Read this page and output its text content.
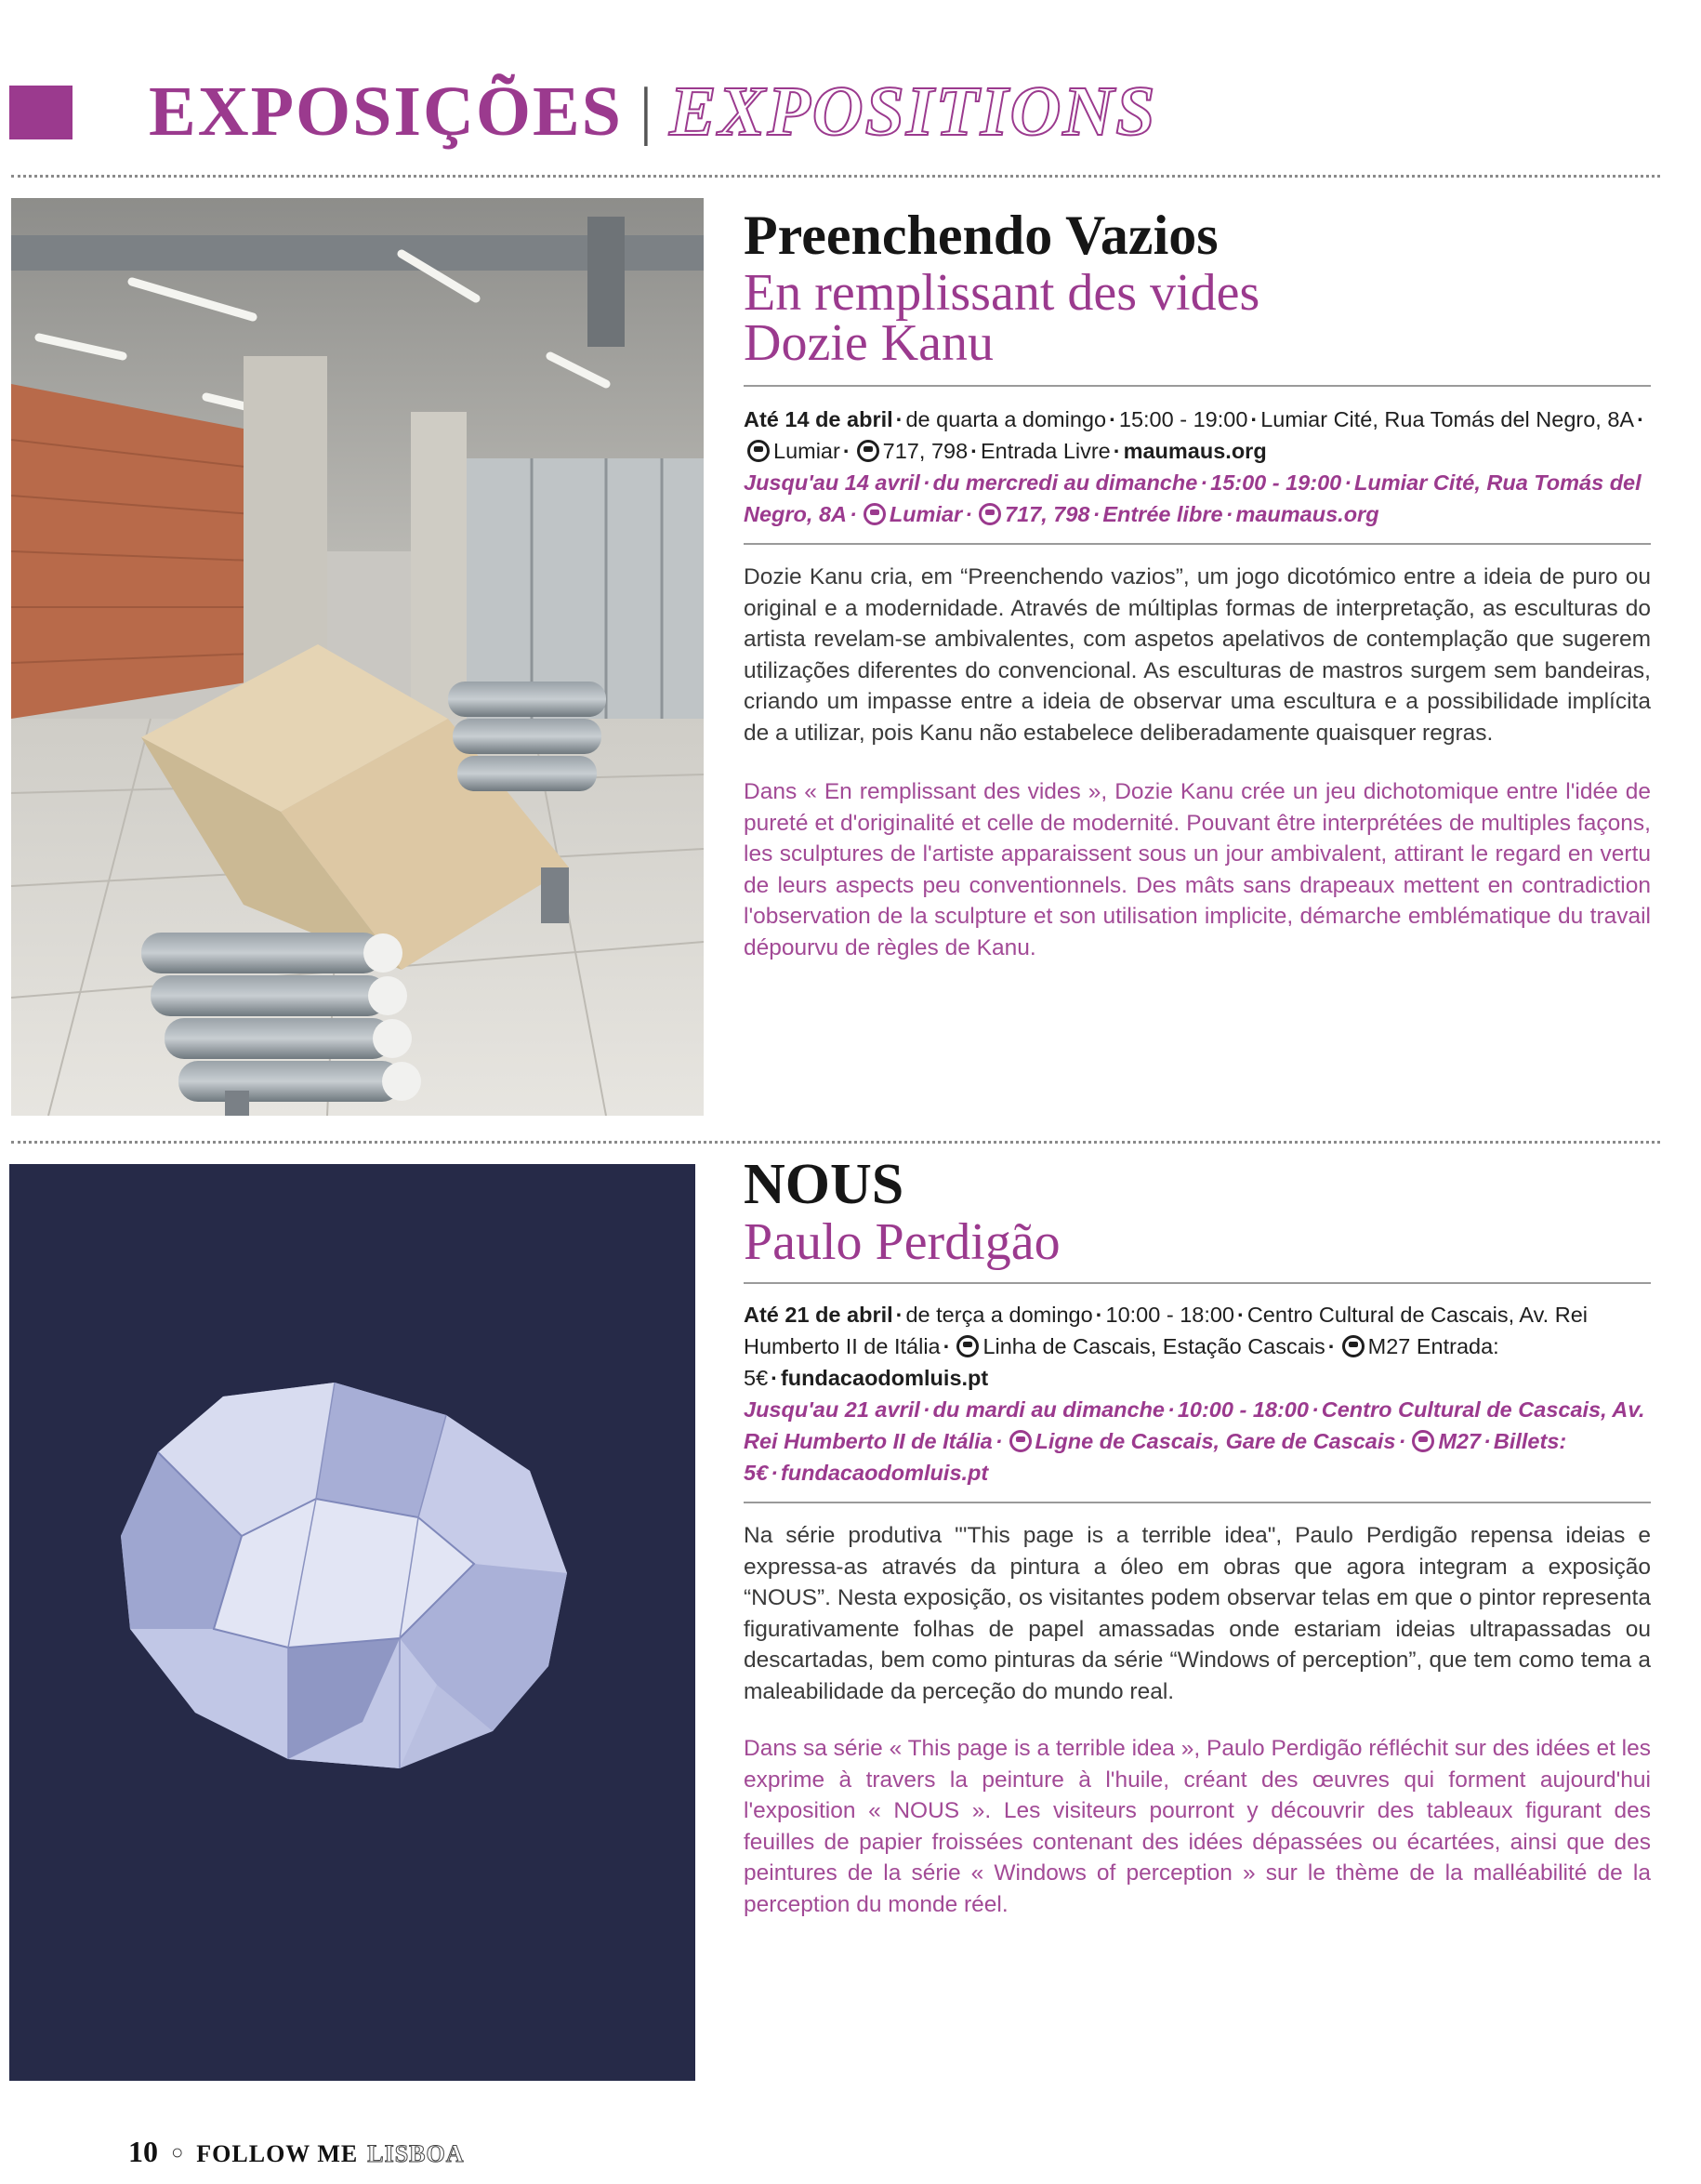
EXPOSIÇÕES | EXPOSITIONS
Preenchendo Vazios
En remplissant des vides
Dozie Kanu
Até 14 de abril · de quarta a domingo · 15:00 - 19:00 · Lumiar Cité, Rua Tomás del Negro, 8A ·Lumiar · 717, 798 · Entrada Livre · maumaus.org
Jusqu'au 14 avril · du mercredi au dimanche · 15:00 - 19:00 · Lumiar Cité, Rua Tomás del Negro, 8A · Lumiar · 717, 798 · Entrée libre · maumaus.org

Dozie Kanu cria, em “Preenchendo vazios”, um jogo dicotómico entre a ideia de puro ou original e a modernidade. Através de múltiplas formas de interpretação, as esculturas do artista revelam-se ambivalentes, com aspetos apelativos de contemplação que sugerem utilizações diferentes do convencional. As esculturas de mastros surgem sem bandeiras, criando um impasse entre a ideia de observar uma escultura e a possibilidade implícita de a utilizar, pois Kanu não estabelece deliberadamente quaisquer regras.

Dans « En remplissant des vides », Dozie Kanu crée un jeu dichotomique entre l'idée de pureté et d'originalité et celle de modernité. Pouvant être interprétées de multiples façons, les sculptures de l'artiste apparaissent sous un jour ambivalent, attirant le regard en vertu de leurs aspects peu conventionnels. Des mâts sans drapeaux mettent en contradiction l'observation de la sculpture et son utilisation implicite, démarche emblématique du travail dépourvu de règles de Kanu.

NOUS
Paulo Perdigão
Até 21 de abril · de terça a domingo · 10:00 - 18:00 · Centro Cultural de Cascais, Av. Rei Humberto II de Itália · Linha de Cascais, Estação Cascais · M27 Entrada: 5€ · fundacaodomluis.pt
Jusqu'au 21 avril · du mardi au dimanche · 10:00 - 18:00 · Centro Cultural de Cascais, Av. Rei Humberto II de Itália · Ligne de Cascais, Gare de Cascais · M27 · Billets: 5€ · fundacaodomluis.pt

Na série produtiva "'This page is a terrible idea", Paulo Perdigão repensa ideias e expressa-as através da pintura a óleo em obras que agora integram a exposição “NOUS”. Nesta exposição, os visitantes podem observar telas em que o pintor representa figurativamente folhas de papel amassadas onde estariam ideias ultrapassadas ou descartadas, bem como pinturas da série “Windows of perception”, que tem como tema a maleabilidade da perceção do mundo real.

Dans sa série « This page is a terrible idea », Paulo Perdigão réfléchit sur des idées et les exprime à travers la peinture à l'huile, créant des œuvres qui forment aujourd'hui l'exposition « NOUS ». Les visiteurs pourront y découvrir des tableaux figurant des feuilles de papier froissées contenant des idées dépassées ou écartées, ainsi que des peintures de la série « Windows of perception » sur le thème de la malléabilité de la perception du monde réel.

10 ○ FOLLOW ME LISBOA
